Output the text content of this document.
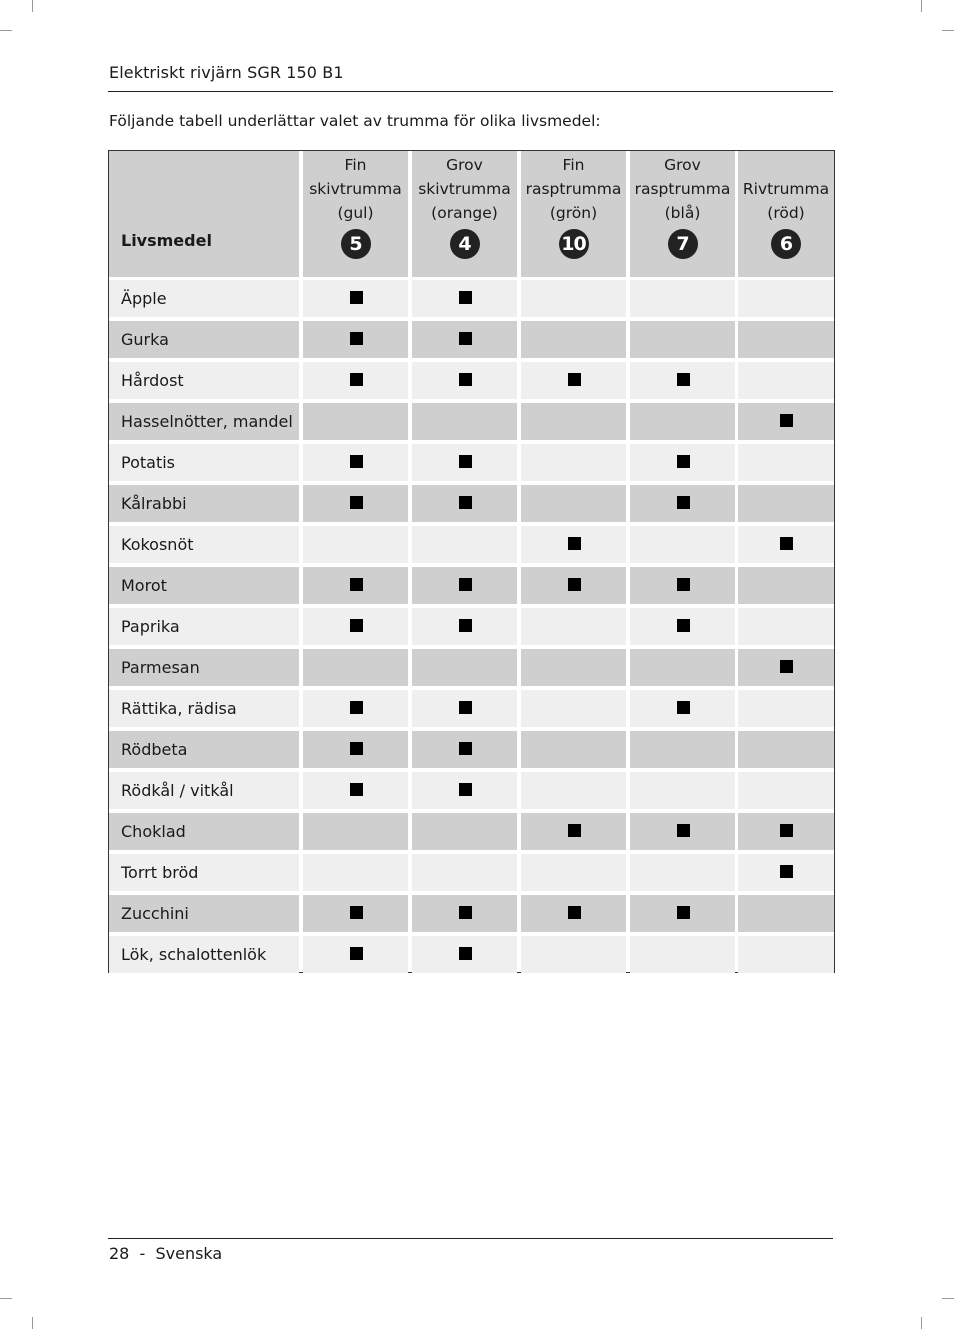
Elektriskt rivjärn SGR 150 B1
Följande tabell underlättar valet av trumma för olika livsmedel:
Livsmedel
Fin
skivtrumma
(gul)
5
Grov
skivtrumma
(orange)
4
Fin
rasptrumma
(grön)
10
Grov
rasptrumma
(blå)
7

Rivtrumma
(röd)
6
Äpple
Gurka
Hårdost
Hasselnötter, mandel
Potatis
Kålrabbi
Kokosnöt
Morot
Paprika
Parmesan
Rättika, rädisa
Rödbeta
Rödkål / vitkål
Choklad
Torrt bröd
Zucchini
Lök, schalottenlök
28  -  Svenska
